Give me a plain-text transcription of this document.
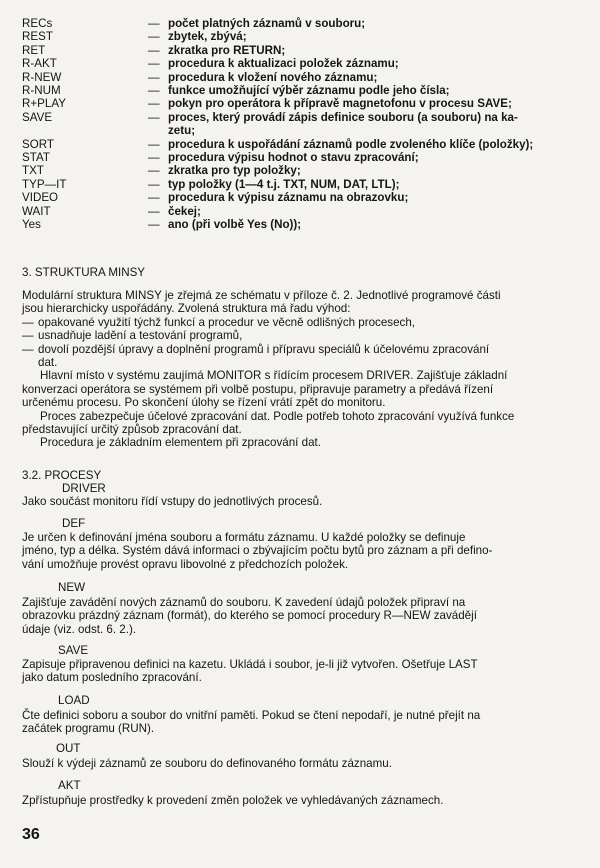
RECs	— počet platných záznamů v souboru;
REST	— zbytek, zbývá;
RET	— zkratka pro RETURN;
R-AKT	— procedura k aktualizaci položek záznamu;
R-NEW	— procedura k vložení nového záznamu;
R-NUM	— funkce umožňující výběr záznamu podle jeho čísla;
R+PLAY	— pokyn pro operátora k přípravě magnetofonu v procesu SAVE;
SAVE	— proces, který provádí zápis definice souboru (a souboru) na ka-
zetu;
SORT	— procedura k uspořádání záznamů podle zvoleného klíče (položky);
STAT	— procedura výpisu hodnot o stavu zpracování;
TXT	— zkratka pro typ položky;
TYP—IT	— typ položky (1—4 t.j. TXT, NUM, DAT, LTL);
VIDEO	— procedura k výpisu záznamu na obrazovku;
WAIT	— čekej;
Yes	— ano (při volbě Yes (No));
3. STRUKTURA MINSY
Modulární struktura MINSY je zřejmá ze schématu v příloze č. 2. Jednotlivé programové části
jsou hierarchicky uspořádány. Zvolená struktura má řadu výhod:
— opakované využití týchž funkcí a procedur ve věcně odlišných procesech,
— usnadňuje ladění a testování programů,
— dovolí pozdější úpravy a doplnění programů i přípravu speciálů k účelovému zpracování
dat.
Hlavní místo v systému zaujímá MONITOR s řídícím procesem DRIVER. Zajišťuje základní
konverzaci operátora se systémem při volbě postupu, připravuje parametry a předává řízení
určenému procesu. Po skončení úlohy se řízení vrátí zpět do monitoru.
Proces zabezpečuje účelové zpracování dat. Podle potřeb tohoto zpracování využívá funkce
představující určitý způsob zpracování dat.
Procedura je základním elementem při zpracování dat.
3.2. PROCESY
DRIVER
Jako součást monitoru řídí vstupy do jednotlivých procesů.
DEF
Je určen k definování jména souboru a formátu záznamu. U každé položky se definuje
jméno, typ a délka. Systém dává informaci o zbývajícím počtu bytů pro záznam a při defino-
vání umožňuje provést opravu libovolné z předchozích položek.
NEW
Zajišťuje zavádění nových záznamů do souboru. K zavedení údajů položek připraví na
obrazovku prázdný záznam (formát), do kterého se pomocí procedury R—NEW zavádějí
údaje (viz. odst. 6. 2.).
SAVE
Zapisuje připravenou definici na kazetu. Ukládá i soubor, je-li již vytvořen. Ošetřuje LAST
jako datum posledního zpracování.
LOAD
Čte definici soboru a soubor do vnitřní paměti. Pokud se čtení nepodaří, je nutné přejít na
začátek programu (RUN).
OUT
Slouží k výdeji záznamů ze souboru do definovaného formátu záznamu.
AKT
Zpřístupňuje prostředky k provedení změn položek ve vyhledávaných záznamech.
36
